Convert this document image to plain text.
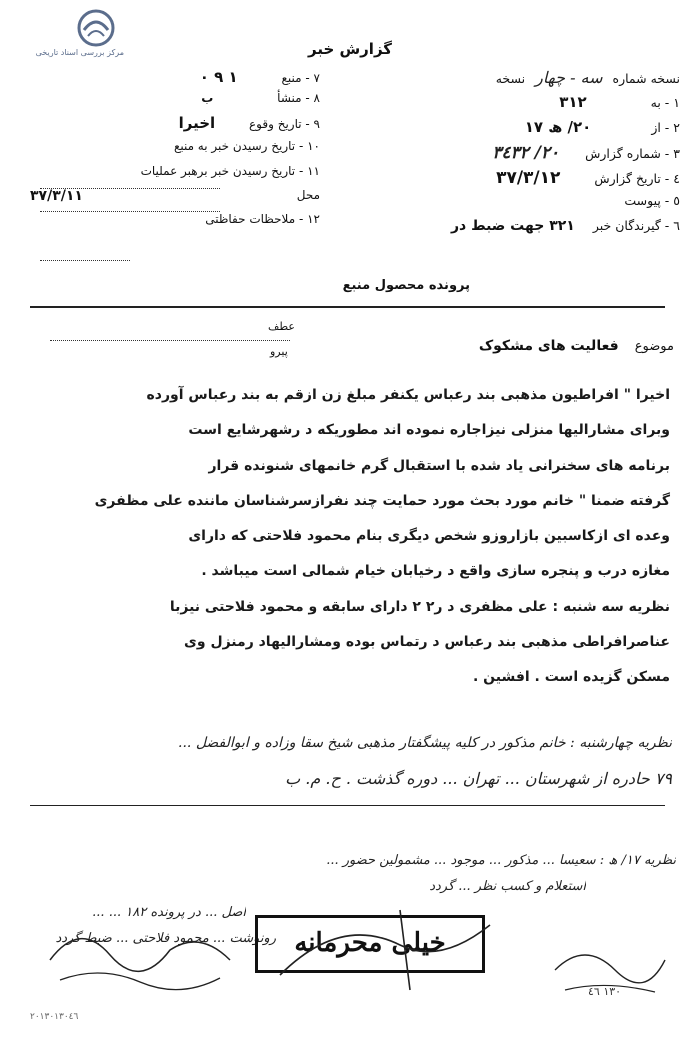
مرکز بررسی اسناد تاریخی	گزارش خبر
نسخه شماره سه - چهار نسخه
١ - به ٣١٢
٢ - از ٢٠/ ھ ١٧
٣ - شماره گزارش ٢٠/ ٣٤٣٢
٤ - تاریخ گزارش ٣٧/٣/١٢
٥ - پیوست
٦ - گیرندگان خبر ٣٢١ جهت ضبط در
٧ - منبع ١ ٩ ٠
٨ - منشأ ب
٩ - تاریخ وقوع اخیرا
١٠ - تاریخ رسیدن خبر به منبع
١١ - تاریخ رسیدن خبر برهبر عملیات
محل
٣٧/٣/١١
١٢ - ملاحظات حفاظتی
پرونده محصول منبع
عطف
پیرو	موضوع فعالیت های مشکوک
اخیرا " افراطیون مذهبی بند رعباس یکنفر مبلغ زن ازقم به بند رعباس آورده
وبرای مشارالیها منزلی نیزاجاره نموده اند مطوریکه د رشهرشایع است
برنامه های سخنرانی یاد شده با استقبال گرم خانمهای شنونده قرار
گرفته ضمنا " خانم مورد بحث مورد حمایت چند نفرازسرشناسان ماننده علی مظفری
وعده ای ازکاسبین بازاروزو شخص دیگری بنام محمود فلاحتی که دارای
مغازه درب و پنجره سازی واقع د رخیابان خیام شمالی است میباشد .
نظریه سه شنبه : علی مظفری د ر٢ ٢ دارای سابقه و محمود فلاحتی نیزبا
عناصرافراطی مذهبی بند رعباس د رتماس بوده ومشارالیهاد رمنزل وی
مسکن گزیده است . افشین .
نظریه چهارشنبه : خانم مذکور در کلیه پیشگفتار مذهبی شیخ سقا وزاده و ابوالفضل ...
٧٩ حادره از شهرستان ... تهران ... دوره گذشت . ح. م. ب
نظریه ١٧/ ھ : سعیسا ... مذکور ... موجود ... مشمولین حضور ...
استعلام و کسب نظر ... گردد
اصل ... در پرونده ١٨٢ ... ...
رونوشت ... محمود فلاحتی ... ضبط گردد خیلی محرمانه
١٣٠ ٤٦
٢٠١٣٠١٣٠٤٦
